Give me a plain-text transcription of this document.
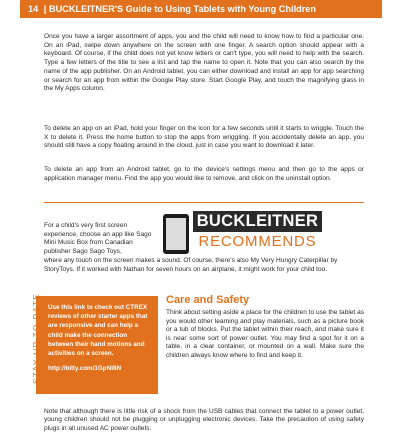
14 | BUCKLEITNER'S Guide to Using Tablets with Young Children

Once you have a larger assortment of apps, you and the child will need to know how to find a particular one. On an iPad, swipe down anywhere on the screen with one finger. A search option should appear with a keyboard. Of course, if the child does not yet know letters or can't type, you will need to help with the search. Type a few letters of the title to see a list and tap the name to open it. Note that you can also search by the name of the app publisher. On an Android tablet, you can either download and install an app for app searching or search for an app from within the Google Play store. Start Google Play, and touch the magnifying glass in the My Apps column.

To delete an app on an iPad, hold your finger on the icon for a few seconds until it starts to wriggle. Touch the X to delete it. Press the home button to stop the apps from wriggling. If you accidentally delete an app, you should still have a copy floating around in the cloud, just in case you want to download it later.

To delete an app from an Android tablet, go to the device's settings menu and then go to the apps or application manager menu. Find the app you would like to remove, and click on the uninstall option.

BUCKLEITNER
RECOMMENDS

For a child's very first screen experience, choose an app like Sago Mini Music Box from Canadian publisher Sago Sago Toys,

where any touch on the screen makes a sound. Of course, there's also My Very Hungry Caterpillar by StoryToys. If it worked with Nathan for seven hours on an airplane, it might work for your child too.

Use this link to check out CTREX reviews of other starter apps that are responsive and can help a child make the connection between their hand motions and activities on a screen.

http://bitly.com/1GpNI8N

STAY UP TO DATE	Care and Safety

Think about setting aside a place for the children to use the tablet as you would other learning and play materials, such as a picture book or a tub of blocks. Put the tablet within their reach, and make sure it is near some sort of power outlet. You may find a spot for it on a table, in a clear container, or mounted on a wall. Make sure the children always know where to find and keep it.

Note that although there is little risk of a shock from the USB cables that connect the tablet to a power outlet, young children should not be plugging or unplugging electronic devices. Take the precaution of using safety plugs in all unused AC power outlets.
